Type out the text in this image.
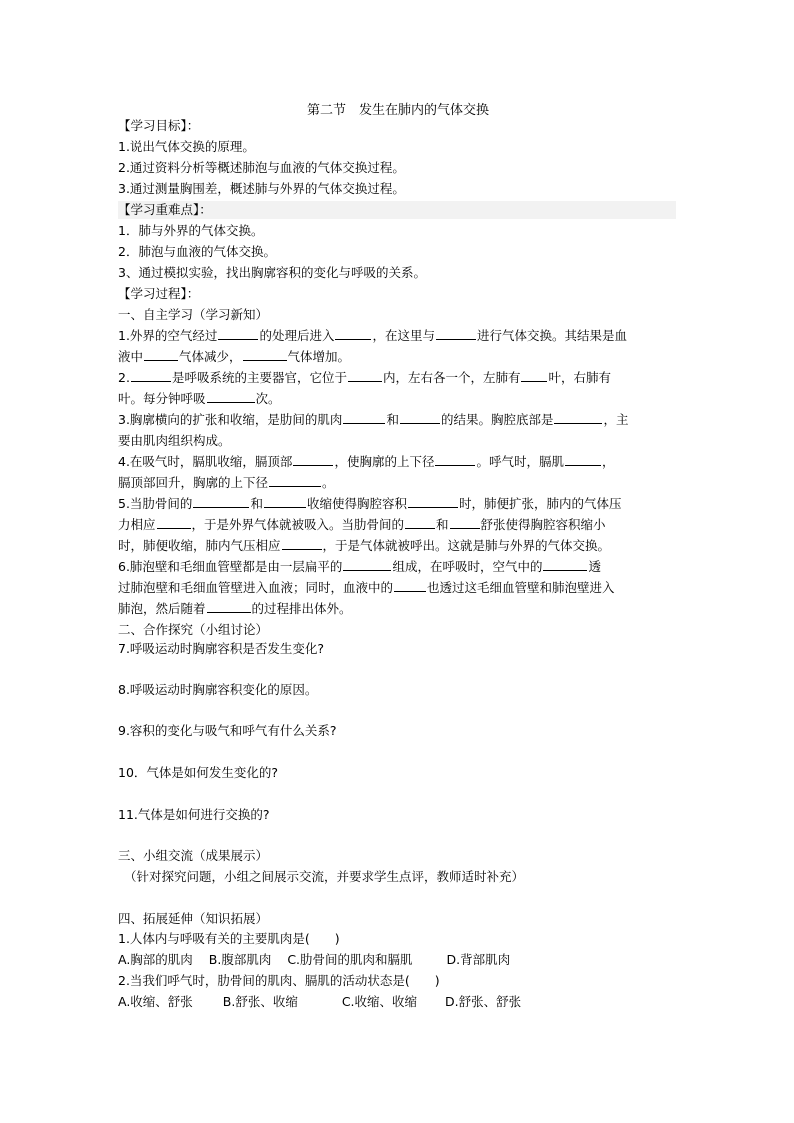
第二节　发生在肺内的气体交换
【学习目标】：
1.说出气体交换的原理。
2.通过资料分析等概述肺泡与血液的气体交换过程。
3.通过测量胸围差，概述肺与外界的气体交换过程。
【学习重难点】：
1．肺与外界的气体交换。
2．肺泡与血液的气体交换。
3、通过模拟实验，找出胸廓容积的变化与呼吸的关系。
【学习过程】：
一、自主学习（学习新知）
1.外界的空气经过	的处理后进入	，在这里与	进行气体交换。其结果是血
液中	气体减少，	气体增加。
2.	是呼吸系统的主要器官，它位于	内，左右各一个，左肺有 叶，右肺有
叶。每分钟呼吸	次。
3.胸廓横向的扩张和收缩，是肋间的肌肉	和	的结果。胸腔底部是	，主
要由肌肉组织构成。
4.在吸气时，膈肌收缩，膈顶部	，使胸廓的上下径	。呼气时，膈肌	，
膈顶部回升，胸廓的上下径	。
5.当肋骨间的	和	收缩使得胸腔容积	时，肺便扩张，肺内的气体压
力相应	，于是外界气体就被吸入。当肋骨间的	和	舒张使得胸腔容积缩小
时，肺便收缩，肺内气压相应	，于是气体就被呼出。这就是肺与外界的气体交换。
6.肺泡壁和毛细血管壁都是由一层扁平的	组成，在呼吸时，空气中的	透
过肺泡壁和毛细血管壁进入血液；同时，血液中的	也透过这毛细血管壁和肺泡壁进入
肺泡，然后随着	的过程排出体外。
二、合作探究（小组讨论）
7.呼吸运动时胸廓容积是否发生变化?
8.呼吸运动时胸廓容积变化的原因。
9.容积的变化与吸气和呼气有什么关系?
10．气体是如何发生变化的?
11.气体是如何进行交换的?
三、小组交流（成果展示）
（针对探究问题，小组之间展示交流，并要求学生点评，教师适时补充）
四、拓展延伸（知识拓展）
1.人体内与呼吸有关的主要肌肉是(　　)
A.胸部的肌肉 B.腹部肌肉 C.肋骨间的肌肉和膈肌	D.背部肌肉
2.当我们呼气时，肋骨间的肌肉、膈肌的活动状态是(　　)
A.收缩、舒张 B.舒张、收缩	C.收缩、收缩 D.舒张、舒张
